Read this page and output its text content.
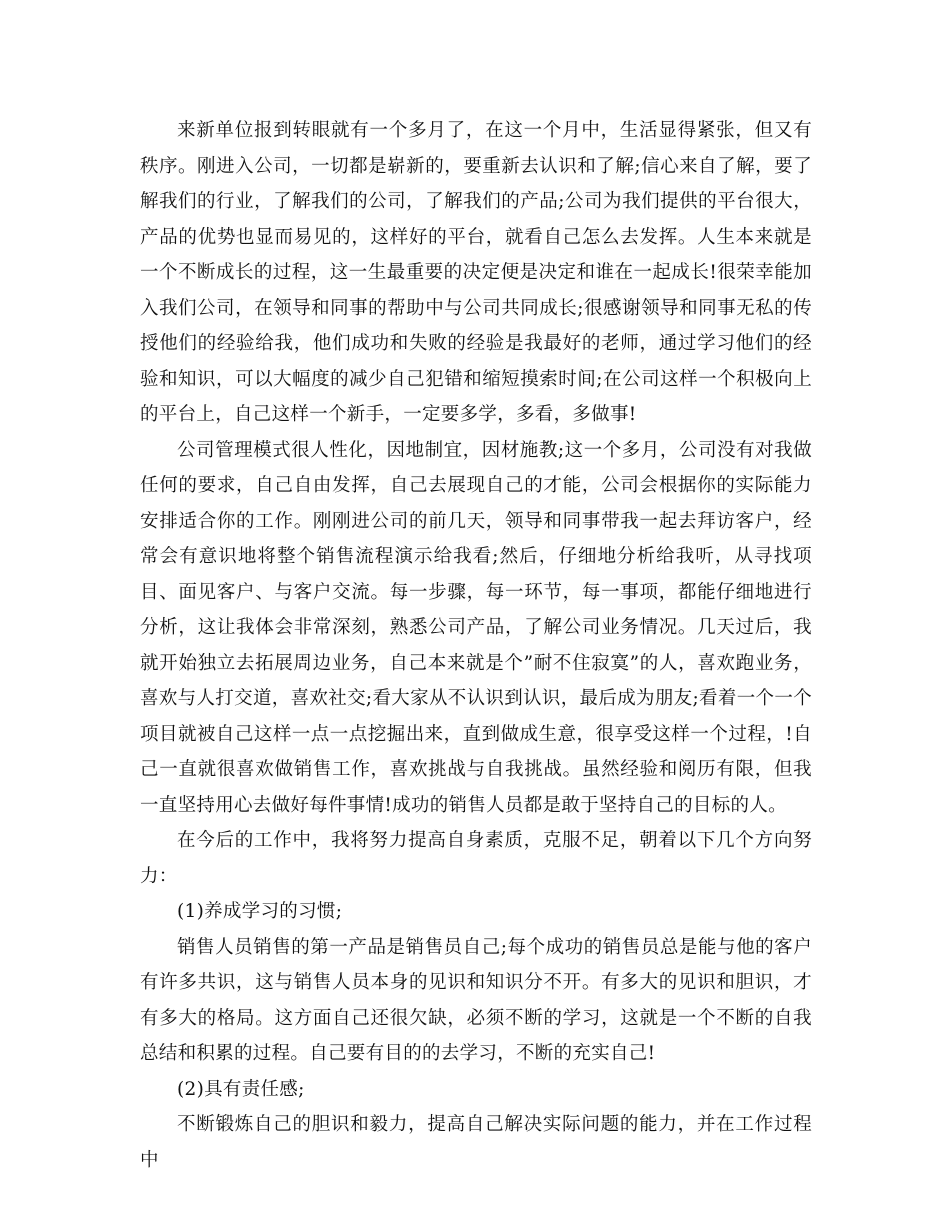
来新单位报到转眼就有一个多月了，在这一个月中，生活显得紧张，但又有秩序。刚进入公司，一切都是崭新的，要重新去认识和了解;信心来自了解，要了解我们的行业，了解我们的公司，了解我们的产品;公司为我们提供的平台很大，产品的优势也显而易见的，这样好的平台，就看自己怎么去发挥。人生本来就是一个不断成长的过程，这一生最重要的决定便是决定和谁在一起成长!很荣幸能加入我们公司，在领导和同事的帮助中与公司共同成长;很感谢领导和同事无私的传授他们的经验给我，他们成功和失败的经验是我最好的老师，通过学习他们的经验和知识，可以大幅度的减少自己犯错和缩短摸索时间;在公司这样一个积极向上的平台上，自己这样一个新手，一定要多学，多看，多做事!

公司管理模式很人性化，因地制宜，因材施教;这一个多月，公司没有对我做任何的要求，自己自由发挥，自己去展现自己的才能，公司会根据你的实际能力安排适合你的工作。刚刚进公司的前几天，领导和同事带我一起去拜访客户，经常会有意识地将整个销售流程演示给我看;然后，仔细地分析给我听，从寻找项目、面见客户、与客户交流。每一步骤，每一环节，每一事项，都能仔细地进行分析，这让我体会非常深刻，熟悉公司产品，了解公司业务情况。几天过后，我就开始独立去拓展周边业务，自己本来就是个”耐不住寂寞”的人，喜欢跑业务，喜欢与人打交道，喜欢社交;看大家从不认识到认识，最后成为朋友;看着一个一个项目就被自己这样一点一点挖掘出来，直到做成生意，很享受这样一个过程，!自己一直就很喜欢做销售工作，喜欢挑战与自我挑战。虽然经验和阅历有限，但我一直坚持用心去做好每件事情!成功的销售人员都是敢于坚持自己的目标的人。

在今后的工作中，我将努力提高自身素质，克服不足，朝着以下几个方向努力：

(1)养成学习的习惯;

销售人员销售的第一产品是销售员自己;每个成功的销售员总是能与他的客户有许多共识，这与销售人员本身的见识和知识分不开。有多大的见识和胆识，才有多大的格局。这方面自己还很欠缺，必须不断的学习，这就是一个不断的自我总结和积累的过程。自己要有目的的去学习，不断的充实自己!

(2)具有责任感;

不断锻炼自己的胆识和毅力，提高自己解决实际问题的能力，并在工作过程中
